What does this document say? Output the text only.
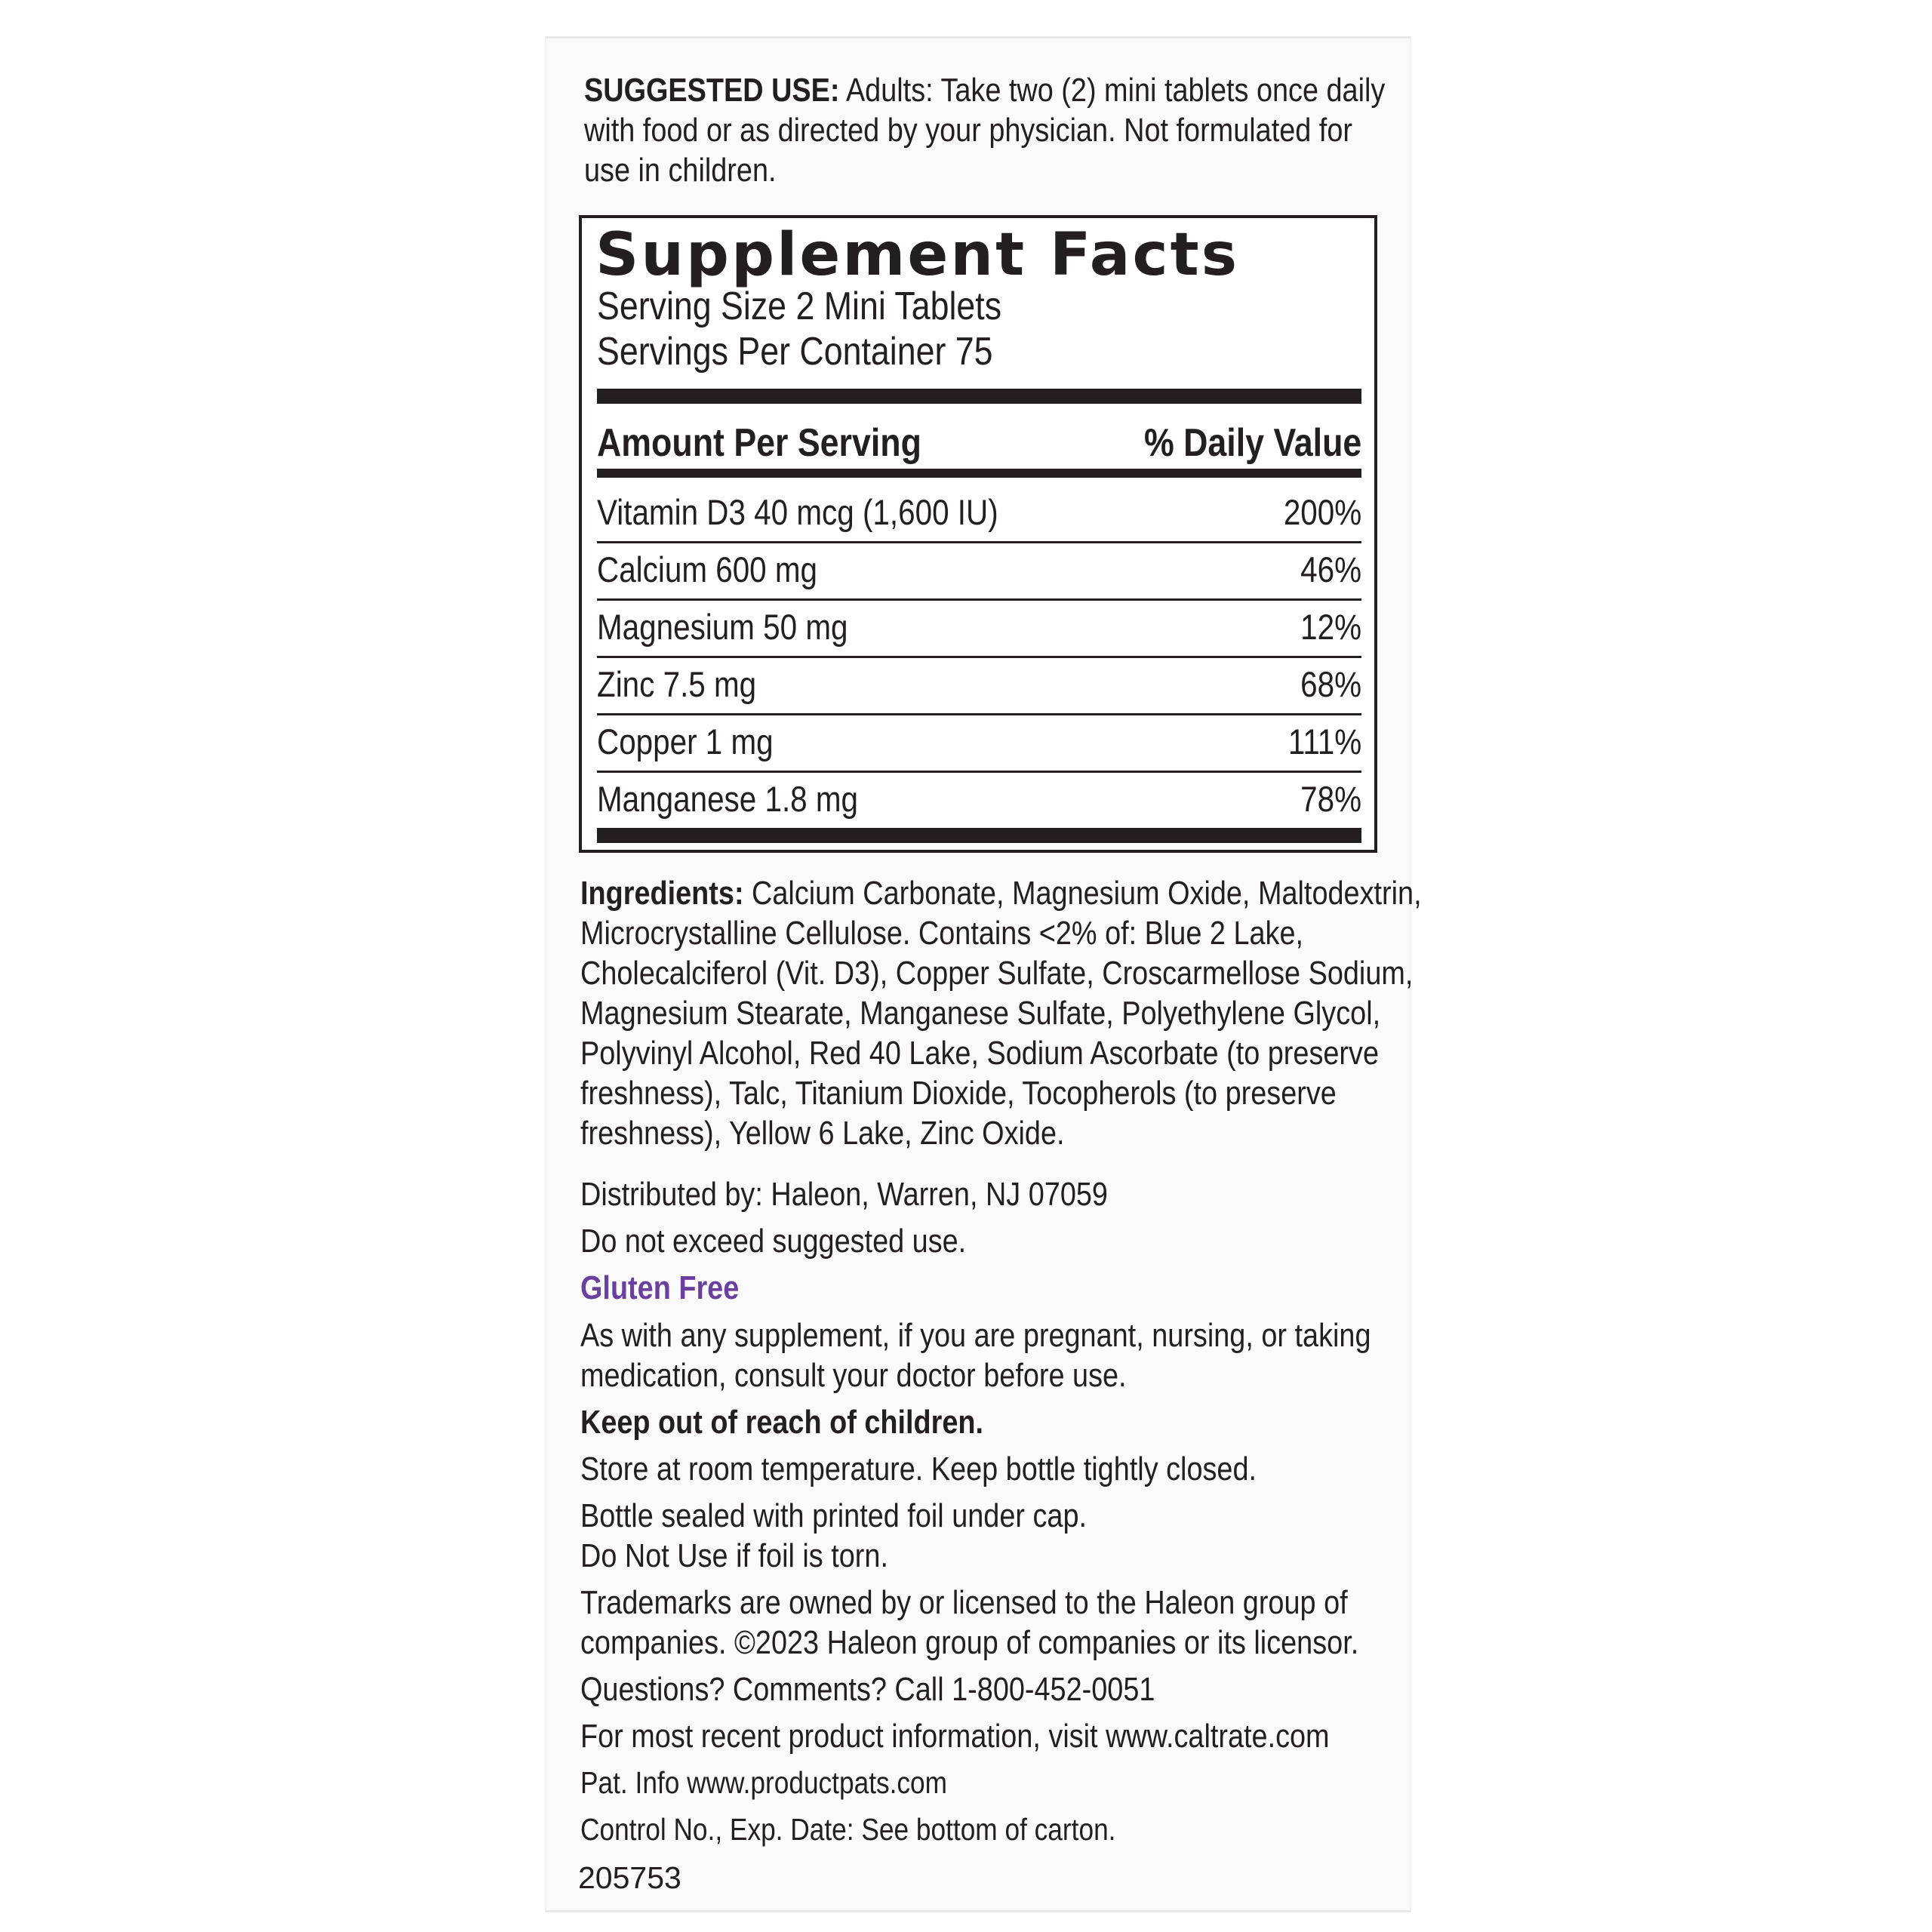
SUGGESTED USE: Adults: Take two (2) mini tablets once daily
with food or as directed by your physician. Not formulated for
use in children.
Supplement Facts
Serving Size 2 Mini Tablets
Servings Per Container 75
Amount Per Serving	% Daily Value
Vitamin D3 40 mcg (1,600 IU)	200%
Calcium 600 mg	46%
Magnesium 50 mg	12%
Zinc 7.5 mg	68%
Copper 1 mg	111%
Manganese 1.8 mg	78%
Ingredients: Calcium Carbonate, Magnesium Oxide, Maltodextrin,
Microcrystalline Cellulose. Contains <2% of: Blue 2 Lake,
Cholecalciferol (Vit. D3), Copper Sulfate, Croscarmellose Sodium,
Magnesium Stearate, Manganese Sulfate, Polyethylene Glycol,
Polyvinyl Alcohol, Red 40 Lake, Sodium Ascorbate (to preserve
freshness), Talc, Titanium Dioxide, Tocopherols (to preserve
freshness), Yellow 6 Lake, Zinc Oxide.
Distributed by: Haleon, Warren, NJ 07059
Do not exceed suggested use.
Gluten Free
As with any supplement, if you are pregnant, nursing, or taking
medication, consult your doctor before use.
Keep out of reach of children.
Store at room temperature. Keep bottle tightly closed.
Bottle sealed with printed foil under cap.
Do Not Use if foil is torn.
Trademarks are owned by or licensed to the Haleon group of
companies. ©2023 Haleon group of companies or its licensor.
Questions? Comments? Call 1-800-452-0051
For most recent product information, visit www.caltrate.com
Pat. Info www.productpats.com
Control No., Exp. Date: See bottom of carton.
205753
